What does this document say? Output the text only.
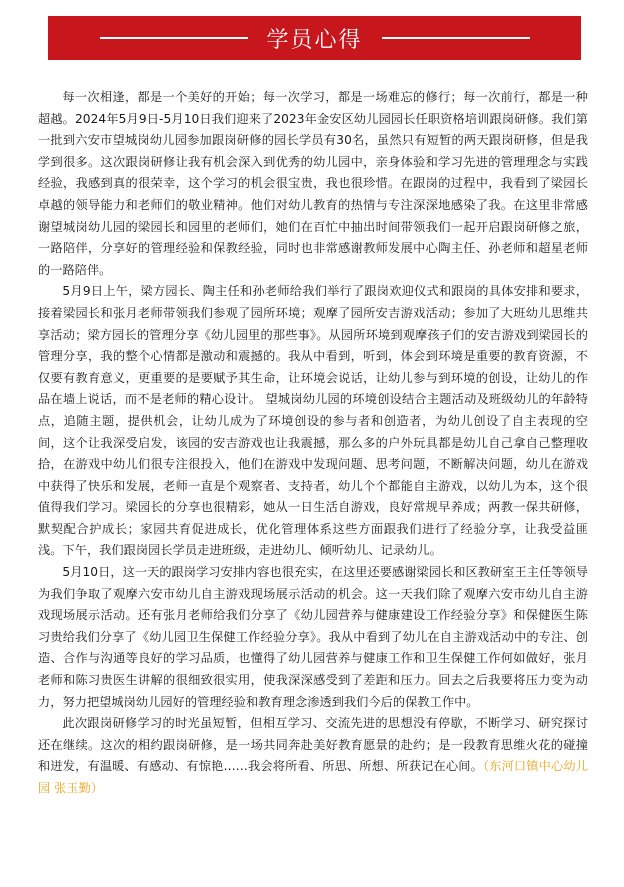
学员心得

每一次相逢，都是一个美好的开始；每一次学习，都是一场难忘的修行；每一次前行，都是一种超越。2024年5月9日-5月10日我们迎来了2023年金安区幼儿园园长任职资格培训跟岗研修。我们第一批到六安市望城岗幼儿园参加跟岗研修的园长学员有30名，虽然只有短暂的两天跟岗研修，但是我学到很多。这次跟岗研修让我有机会深入到优秀的幼儿园中，亲身体验和学习先进的管理理念与实践经验，我感到真的很荣幸，这个学习的机会很宝贵，我也很珍惜。在跟岗的过程中，我看到了梁园长卓越的领导能力和老师们的敬业精神。他们对幼儿教育的热情与专注深深地感染了我。在这里非常感谢望城岗幼儿园的梁园长和园里的老师们，她们在百忙中抽出时间带领我们一起开启跟岗研修之旅，一路陪伴，分享好的管理经验和保教经验，同时也非常感谢教师发展中心陶主任、孙老师和超星老师的一路陪伴。

5月9日上午，梁方园长、陶主任和孙老师给我们举行了跟岗欢迎仪式和跟岗的具体安排和要求，接着梁园长和张月老师带领我们参观了园所环境；观摩了园所安吉游戏活动；参加了大班幼儿思维共享活动；梁方园长的管理分享《幼儿园里的那些事》。从园所环境到观摩孩子们的安吉游戏到梁园长的管理分享，我的整个心情都是激动和震撼的。我从中看到，听到，体会到环境是重要的教育资源，不仅要有教育意义，更重要的是要赋予其生命，让环境会说话，让幼儿参与到环境的创设，让幼儿的作品在墙上说话，而不是老师的精心设计。 望城岗幼儿园的环境创设结合主题活动及班级幼儿的年龄特点，追随主题，提供机会，让幼儿成为了环境创设的参与者和创造者，为幼儿创设了自主表现的空间，这个让我深受启发，该园的安吉游戏也让我震撼，那么多的户外玩具都是幼儿自己拿自己整理收拾，在游戏中幼儿们很专注很投入，他们在游戏中发现问题、思考问题，不断解决问题，幼儿在游戏中获得了快乐和发展，老师一直是个观察者、支持者，幼儿个个都能自主游戏，以幼儿为本，这个很值得我们学习。梁园长的分享也很精彩，她从一日生活自游戏，良好常规早养成；两教一保共研修，默契配合护成长；家园共育促进成长，优化管理体系这些方面跟我们进行了经验分享，让我受益匪浅。下午，我们跟岗园长学员走进班级，走进幼儿、倾听幼儿、记录幼儿。

5月10日，这一天的跟岗学习安排内容也很充实，在这里还要感谢梁园长和区教研室王主任等领导为我们争取了观摩六安市幼儿自主游戏现场展示活动的机会。这一天我们除了观摩六安市幼儿自主游戏现场展示活动。还有张月老师给我们分享了《幼儿园营养与健康建设工作经验分享》和保健医生陈习贵给我们分享了《幼儿园卫生保健工作经验分享》。我从中看到了幼儿在自主游戏活动中的专注、创造、合作与沟通等良好的学习品质，也懂得了幼儿园营养与健康工作和卫生保健工作何如做好，张月老师和陈习贵医生讲解的很细致很实用，使我深深感受到了差距和压力。回去之后我要将压力变为动力，努力把望城岗幼儿园好的管理经验和教育理念渗透到我们今后的保教工作中。

此次跟岗研修学习的时光虽短暂，但相互学习、交流先进的思想没有停歇，不断学习、研究探讨还在继续。这次的相约跟岗研修，是一场共同奔赴美好教育愿景的赴约；是一段教育思维火花的碰撞和迸发，有温暖、有感动、有惊艳……我会将所看、所思、所想、所获记在心间。（东河口镇中心幼儿园 张玉勤）
